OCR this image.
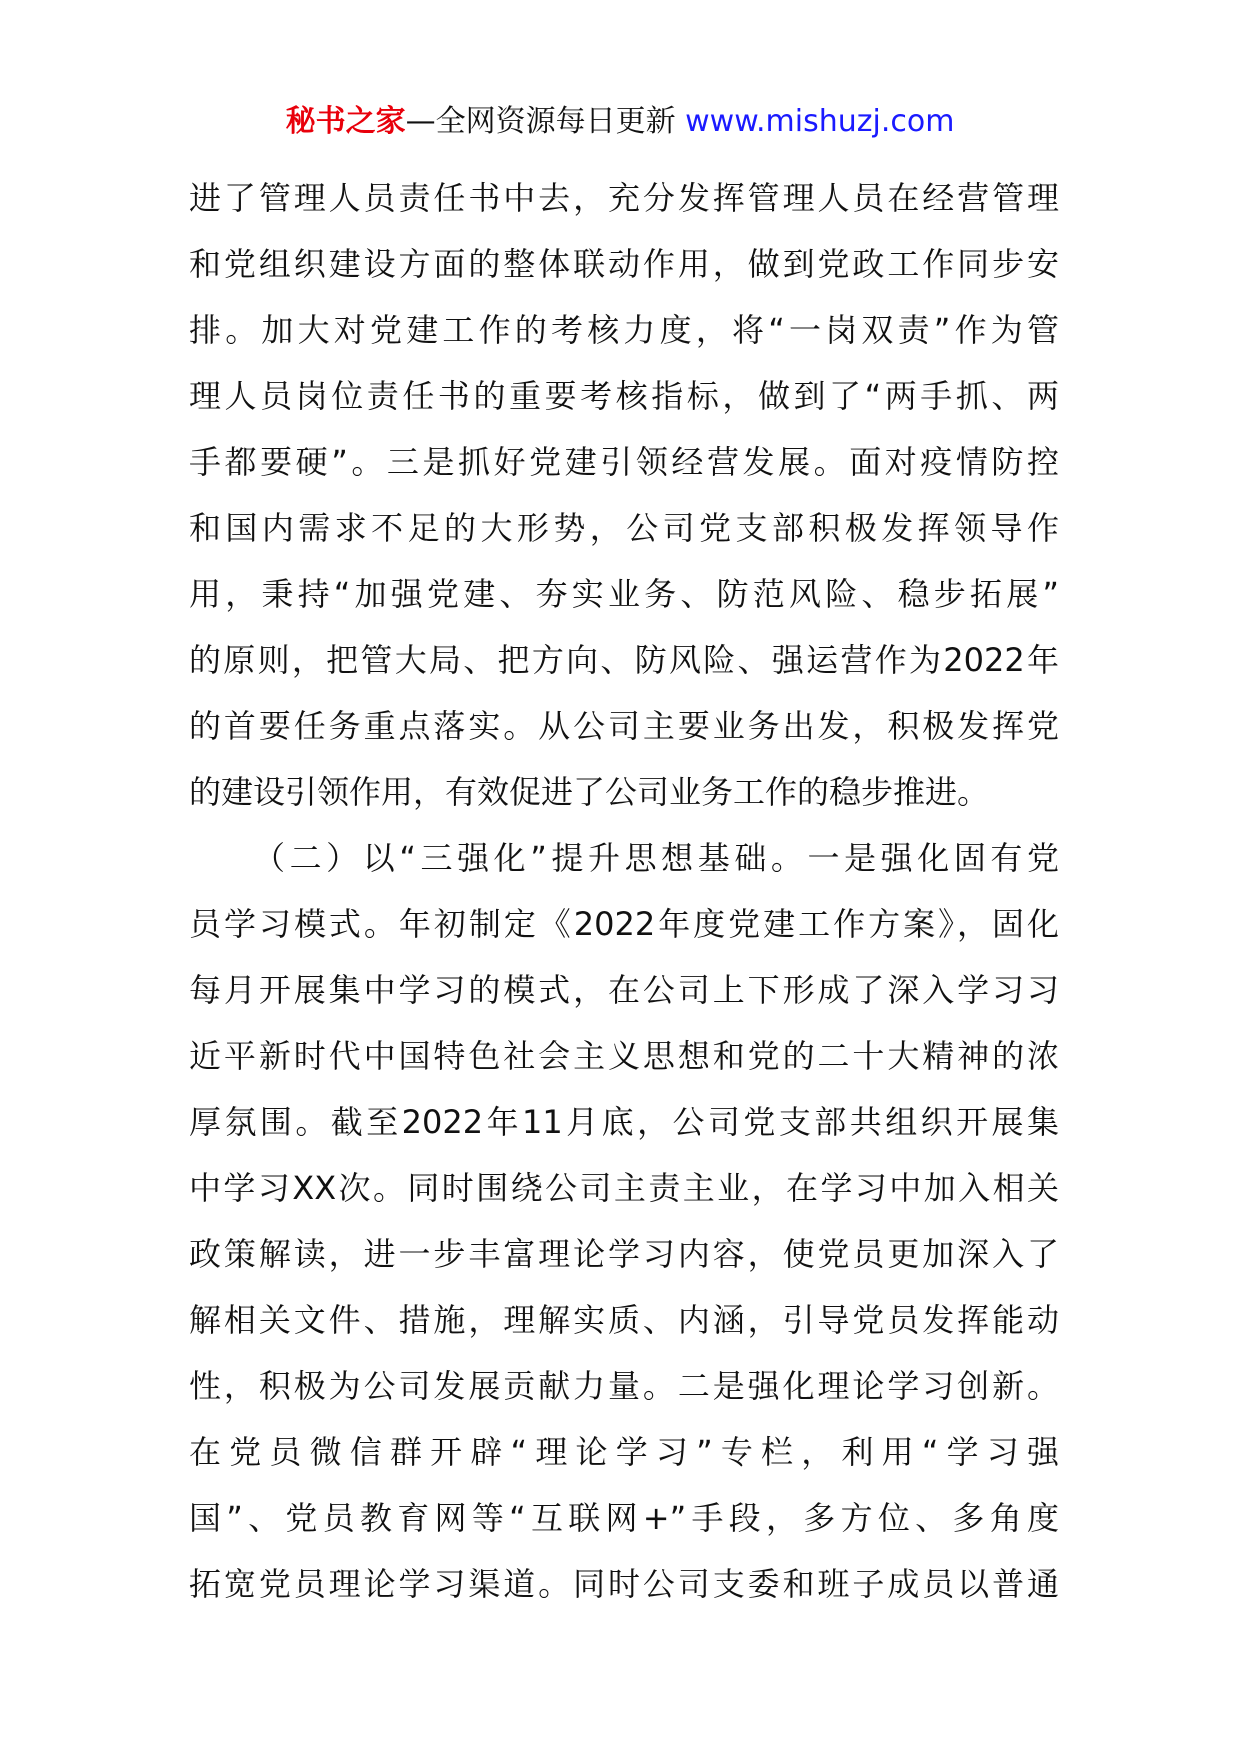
秘书之家—全网资源每日更新 www.mishuzj.com
进了管理人员责任书中去，充分发挥管理人员在经营管理
和党组织建设方面的整体联动作用，做到党政工作同步安
排。加大对党建工作的考核力度，将“一岗双责”作为管
理人员岗位责任书的重要考核指标，做到了“两手抓、两
手都要硬”。三是抓好党建引领经营发展。面对疫情防控
和国内需求不足的大形势，公司党支部积极发挥领导作
用，秉持“加强党建、夯实业务、防范风险、稳步拓展”
的原则，把管大局、把方向、防风险、强运营作为2022年
的首要任务重点落实。从公司主要业务出发，积极发挥党
的建设引领作用，有效促进了公司业务工作的稳步推进。
（二）以“三强化”提升思想基础。一是强化固有党
员学习模式。年初制定《2022年度党建工作方案》，固化
每月开展集中学习的模式，在公司上下形成了深入学习习
近平新时代中国特色社会主义思想和党的二十大精神的浓
厚氛围。截至2022年11月底，公司党支部共组织开展集
中学习XX次。同时围绕公司主责主业，在学习中加入相关
政策解读，进一步丰富理论学习内容，使党员更加深入了
解相关文件、措施，理解实质、内涵，引导党员发挥能动
性，积极为公司发展贡献力量。二是强化理论学习创新。
在党员微信群开辟“理论学习”专栏，利用“学习强
国”、党员教育网等“互联网+”手段，多方位、多角度
拓宽党员理论学习渠道。同时公司支委和班子成员以普通
